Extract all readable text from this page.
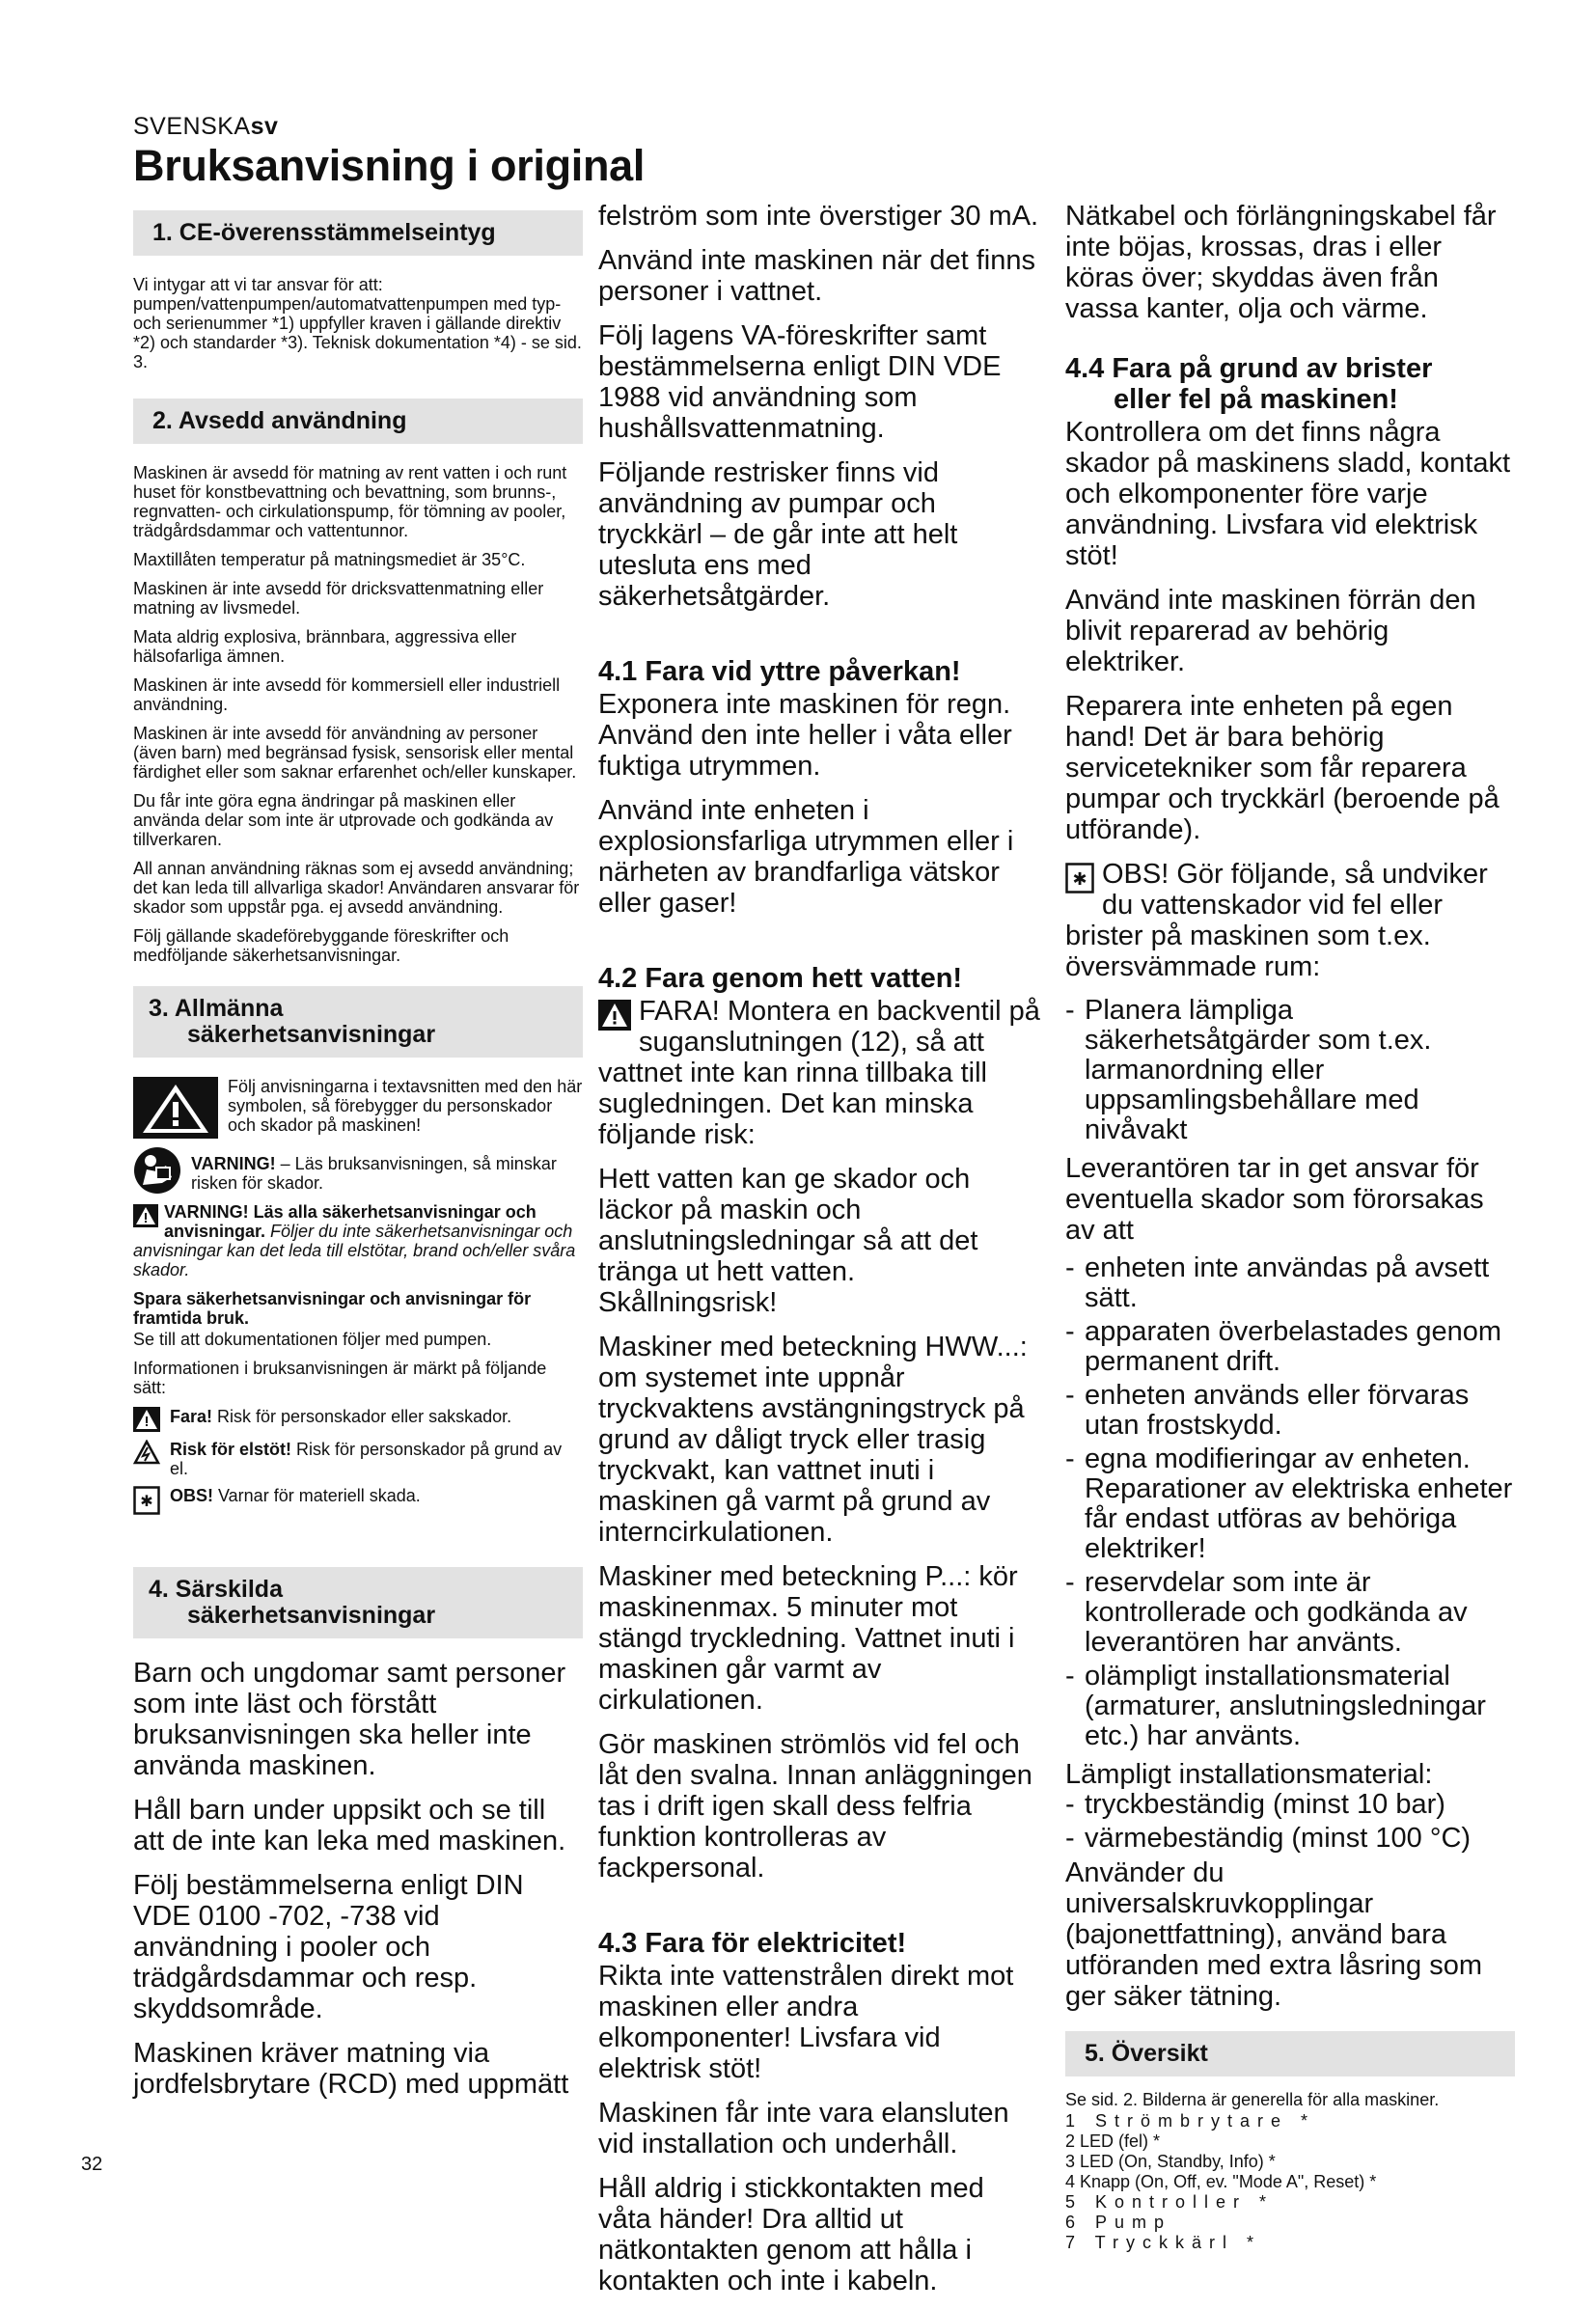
SVENSKAsv
Bruksanvisning i original
1. CE-överensstämmelseintyg

Vi intygar att vi tar ansvar för att: pumpen/vattenpumpen/automatvattenpumpen med typ- och serienummer *1) uppfyller kraven i gällande direktiv *2) och standarder *3). Teknisk dokumentation *4) - se sid. 3.

2. Avsedd användning

Maskinen är avsedd för matning av rent vatten i och runt huset för konstbevattning och bevattning, som brunns-, regnvatten- och cirkulationspump, för tömning av pooler, trädgårdsdammar och vattentunnor.

Maxtillåten temperatur på matningsmediet är 35°C.

Maskinen är inte avsedd för dricksvattenmatning eller matning av livsmedel.

Mata aldrig explosiva, brännbara, aggressiva eller hälsofarliga ämnen.

Maskinen är inte avsedd för kommersiell eller industriell användning.

Maskinen är inte avsedd för användning av personer (även barn) med begränsad fysisk, sensorisk eller mental färdighet eller som saknar erfarenhet och/eller kunskaper.

Du får inte göra egna ändringar på maskinen eller använda delar som inte är utprovade och godkända av tillverkaren.

All annan användning räknas som ej avsedd användning; det kan leda till allvarliga skador! Användaren ansvarar för skador som uppstår pga. ej avsedd användning.

Följ gällande skadeförebyggande föreskrifter och medföljande säkerhetsanvisningar.

3. Allmänna
säkerhetsanvisningar

Följ anvisningarna i textavsnitten med den här symbolen, så förebygger du personskador och skador på maskinen!

VARNING! – Läs bruksanvisningen, så minskar risken för skador.

VARNING! Läs alla säkerhetsanvisningar och anvisningar. Följer du inte säkerhetsanvisningar och anvisningar kan det leda till elstötar, brand och/eller svåra skador.

Spara säkerhetsanvisningar och anvisningar för framtida bruk.

Se till att dokumentationen följer med pumpen.

Informationen i bruksanvisningen är märkt på följande sätt:

Fara! Risk för personskador eller sakskador.

Risk för elstöt! Risk för personskador på grund av el.

✱ OBS! Varnar för materiell skada.

4. Särskilda
säkerhetsanvisningar

Barn och ungdomar samt personer som inte läst och förstått bruksanvisningen ska heller inte använda maskinen.

Håll barn under uppsikt och se till att de inte kan leka med maskinen.

Följ bestämmelserna enligt DIN VDE 0100 -702, -738 vid användning i pooler och trädgårdsdammar och resp. skyddsområde.

Maskinen kräver matning via jordfelsbrytare (RCD) med uppmätt

felström som inte överstiger 30 mA.

Använd inte maskinen när det finns personer i vattnet.

Följ lagens VA-föreskrifter samt bestämmelserna enligt DIN VDE 1988 vid användning som hushållsvattenmatning.

Följande restrisker finns vid användning av pumpar och tryckkärl – de går inte att helt utesluta ens med säkerhetsåtgärder.

4.1 Fara vid yttre påverkan!

Exponera inte maskinen för regn. Använd den inte heller i våta eller fuktiga utrymmen.

Använd inte enheten i explosionsfarliga utrymmen eller i närheten av brandfarliga vätskor eller gaser!

4.2 Fara genom hett vatten!

FARA! Montera en backventil på suganslutningen (12), så att vattnet inte kan rinna tillbaka till sugledningen. Det kan minska följande risk:

Hett vatten kan ge skador och läckor på maskin och anslutningsledningar så att det tränga ut hett vatten. Skållningsrisk!

Maskiner med beteckning HWW...: om systemet inte uppnår tryckvaktens avstängningstryck på grund av dåligt tryck eller trasig tryckvakt, kan vattnet inuti i maskinen gå varmt på grund av interncirkulationen.

Maskiner med beteckning P...: kör maskinenmax. 5 minuter mot stängd tryckledning. Vattnet inuti i maskinen går varmt av cirkulationen.

Gör maskinen strömlös vid fel och låt den svalna. Innan anläggningen tas i drift igen skall dess felfria funktion kontrolleras av fackpersonal.

4.3 Fara för elektricitet!

Rikta inte vattenstrålen direkt mot maskinen eller andra elkomponenter! Livsfara vid elektrisk stöt!

Maskinen får inte vara elansluten vid installation och underhåll.

Håll aldrig i stickkontakten med våta händer! Dra alltid ut nätkontakten genom att hålla i kontakten och inte i kabeln.

Nätkabel och förlängningskabel får inte böjas, krossas, dras i eller köras över; skyddas även från vassa kanter, olja och värme.

4.4 Fara på grund av brister
eller fel på maskinen!

Kontrollera om det finns några skador på maskinens sladd, kontakt och elkomponenter före varje användning. Livsfara vid elektrisk stöt!

Använd inte maskinen förrän den blivit reparerad av behörig elektriker.

Reparera inte enheten på egen hand! Det är bara behörig servicetekniker som får reparera pumpar och tryckkärl (beroende på utförande).

✱ OBS! Gör följande, så undviker du vattenskador vid fel eller brister på maskinen som t.ex. översvämmade rum:

- Planera lämpliga säkerhetsåtgärder som t.ex. larmanordning eller uppsamlingsbehållare med nivåvakt

Leverantören tar in get ansvar för eventuella skador som förorsakas av att

- enheten inte användas på avsett sätt.
- apparaten överbelastades genom permanent drift.
- enheten används eller förvaras utan frostskydd.
- egna modifieringar av enheten. Reparationer av elektriska enheter får endast utföras av behöriga elektriker!
- reservdelar som inte är kontrollerade och godkända av leverantören har använts.
- olämpligt installationsmaterial (armaturer, anslutningsledningar etc.) har använts.

Lämpligt installationsmaterial:

- tryckbeständig (minst 10 bar)
- värmebeständig (minst 100 °C)

Använder du universalskruvkopplingar (bajonettfattning), använd bara utföranden med extra låsring som ger säker tätning.

5. Översikt

Se sid. 2. Bilderna är generella för alla maskiner.

1 Strömbrytare *
2 LED (fel) *
3 LED (On, Standby, Info) *
4 Knapp (On, Off, ev. "Mode A", Reset) *
5 Kontroller *
6 Pump
7 Tryckkärl *
32
